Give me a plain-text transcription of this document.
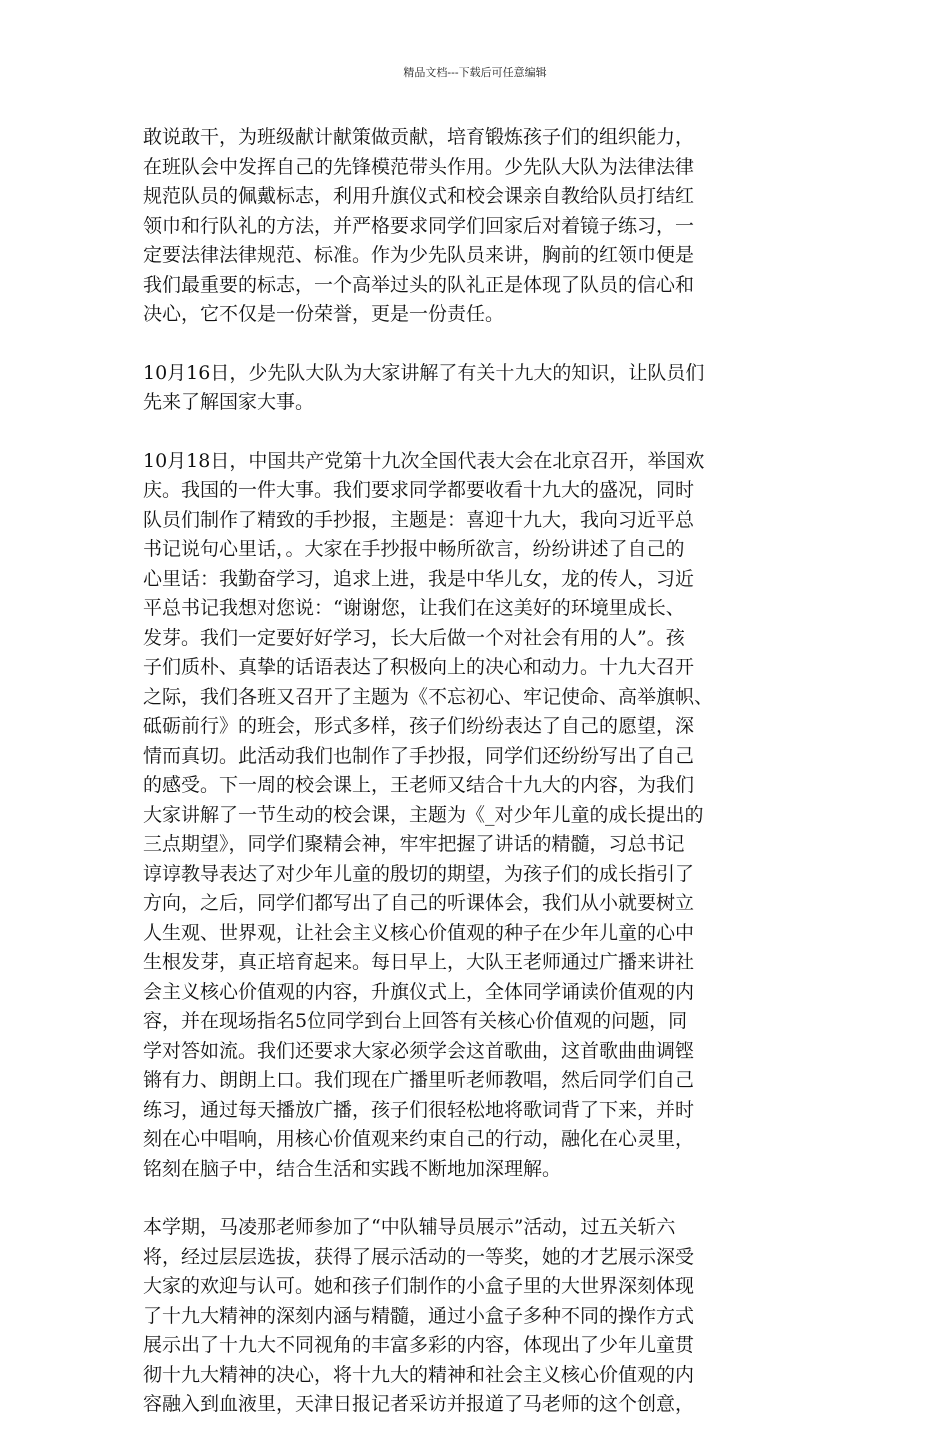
精品文档---下载后可任意编辑

敢说敢干，为班级献计献策做贡献，培育锻炼孩子们的组织能力，
在班队会中发挥自己的先锋模范带头作用。少先队大队为法律法律
规范队员的佩戴标志，利用升旗仪式和校会课亲自教给队员打结红
领巾和行队礼的方法，并严格要求同学们回家后对着镜子练习，一
定要法律法律规范、标准。作为少先队员来讲，胸前的红领巾便是
我们最重要的标志，一个高举过头的队礼正是体现了队员的信心和
决心，它不仅是一份荣誉，更是一份责任。

10月16日，少先队大队为大家讲解了有关十九大的知识，让队员们
先来了解国家大事。

10月18日，中国共产党第十九次全国代表大会在北京召开，举国欢
庆。我国的一件大事。我们要求同学都要收看十九大的盛况，同时
队员们制作了精致的手抄报，主题是：喜迎十九大，我向习近平总
书记说句心里话，。大家在手抄报中畅所欲言，纷纷讲述了自己的
心里话：我勤奋学习，追求上进，我是中华儿女，龙的传人，习近
平总书记我想对您说：“谢谢您，让我们在这美好的环境里成长、
发芽。我们一定要好好学习，长大后做一个对社会有用的人”。孩
子们质朴、真挚的话语表达了积极向上的决心和动力。十九大召开
之际，我们各班又召开了主题为《不忘初心、牢记使命、高举旗帜、
砥砺前行》的班会，形式多样，孩子们纷纷表达了自己的愿望，深
情而真切。此活动我们也制作了手抄报，同学们还纷纷写出了自己
的感受。下一周的校会课上，王老师又结合十九大的内容，为我们
大家讲解了一节生动的校会课，主题为《_对少年儿童的成长提出的
三点期望》，同学们聚精会神，牢牢把握了讲话的精髓，习总书记
谆谆教导表达了对少年儿童的殷切的期望，为孩子们的成长指引了
方向，之后，同学们都写出了自己的听课体会，我们从小就要树立
人生观、世界观，让社会主义核心价值观的种子在少年儿童的心中
生根发芽，真正培育起来。每日早上，大队王老师通过广播来讲社
会主义核心价值观的内容，升旗仪式上，全体同学诵读价值观的内
容，并在现场指名5位同学到台上回答有关核心价值观的问题，同
学对答如流。我们还要求大家必须学会这首歌曲，这首歌曲曲调铿
锵有力、朗朗上口。我们现在广播里听老师教唱，然后同学们自己
练习，通过每天播放广播，孩子们很轻松地将歌词背了下来，并时
刻在心中唱响，用核心价值观来约束自己的行动，融化在心灵里，
铭刻在脑子中，结合生活和实践不断地加深理解。

本学期，马凌那老师参加了“中队辅导员展示”活动，过五关斩六
将，经过层层选拔，获得了展示活动的一等奖，她的才艺展示深受
大家的欢迎与认可。她和孩子们制作的小盒子里的大世界深刻体现
了十九大精神的深刻内涵与精髓，通过小盒子多种不同的操作方式
展示出了十九大不同视角的丰富多彩的内容，体现出了少年儿童贯
彻十九大精神的决心，将十九大的精神和社会主义核心价值观的内
容融入到血液里，天津日报记者采访并报道了马老师的这个创意，
